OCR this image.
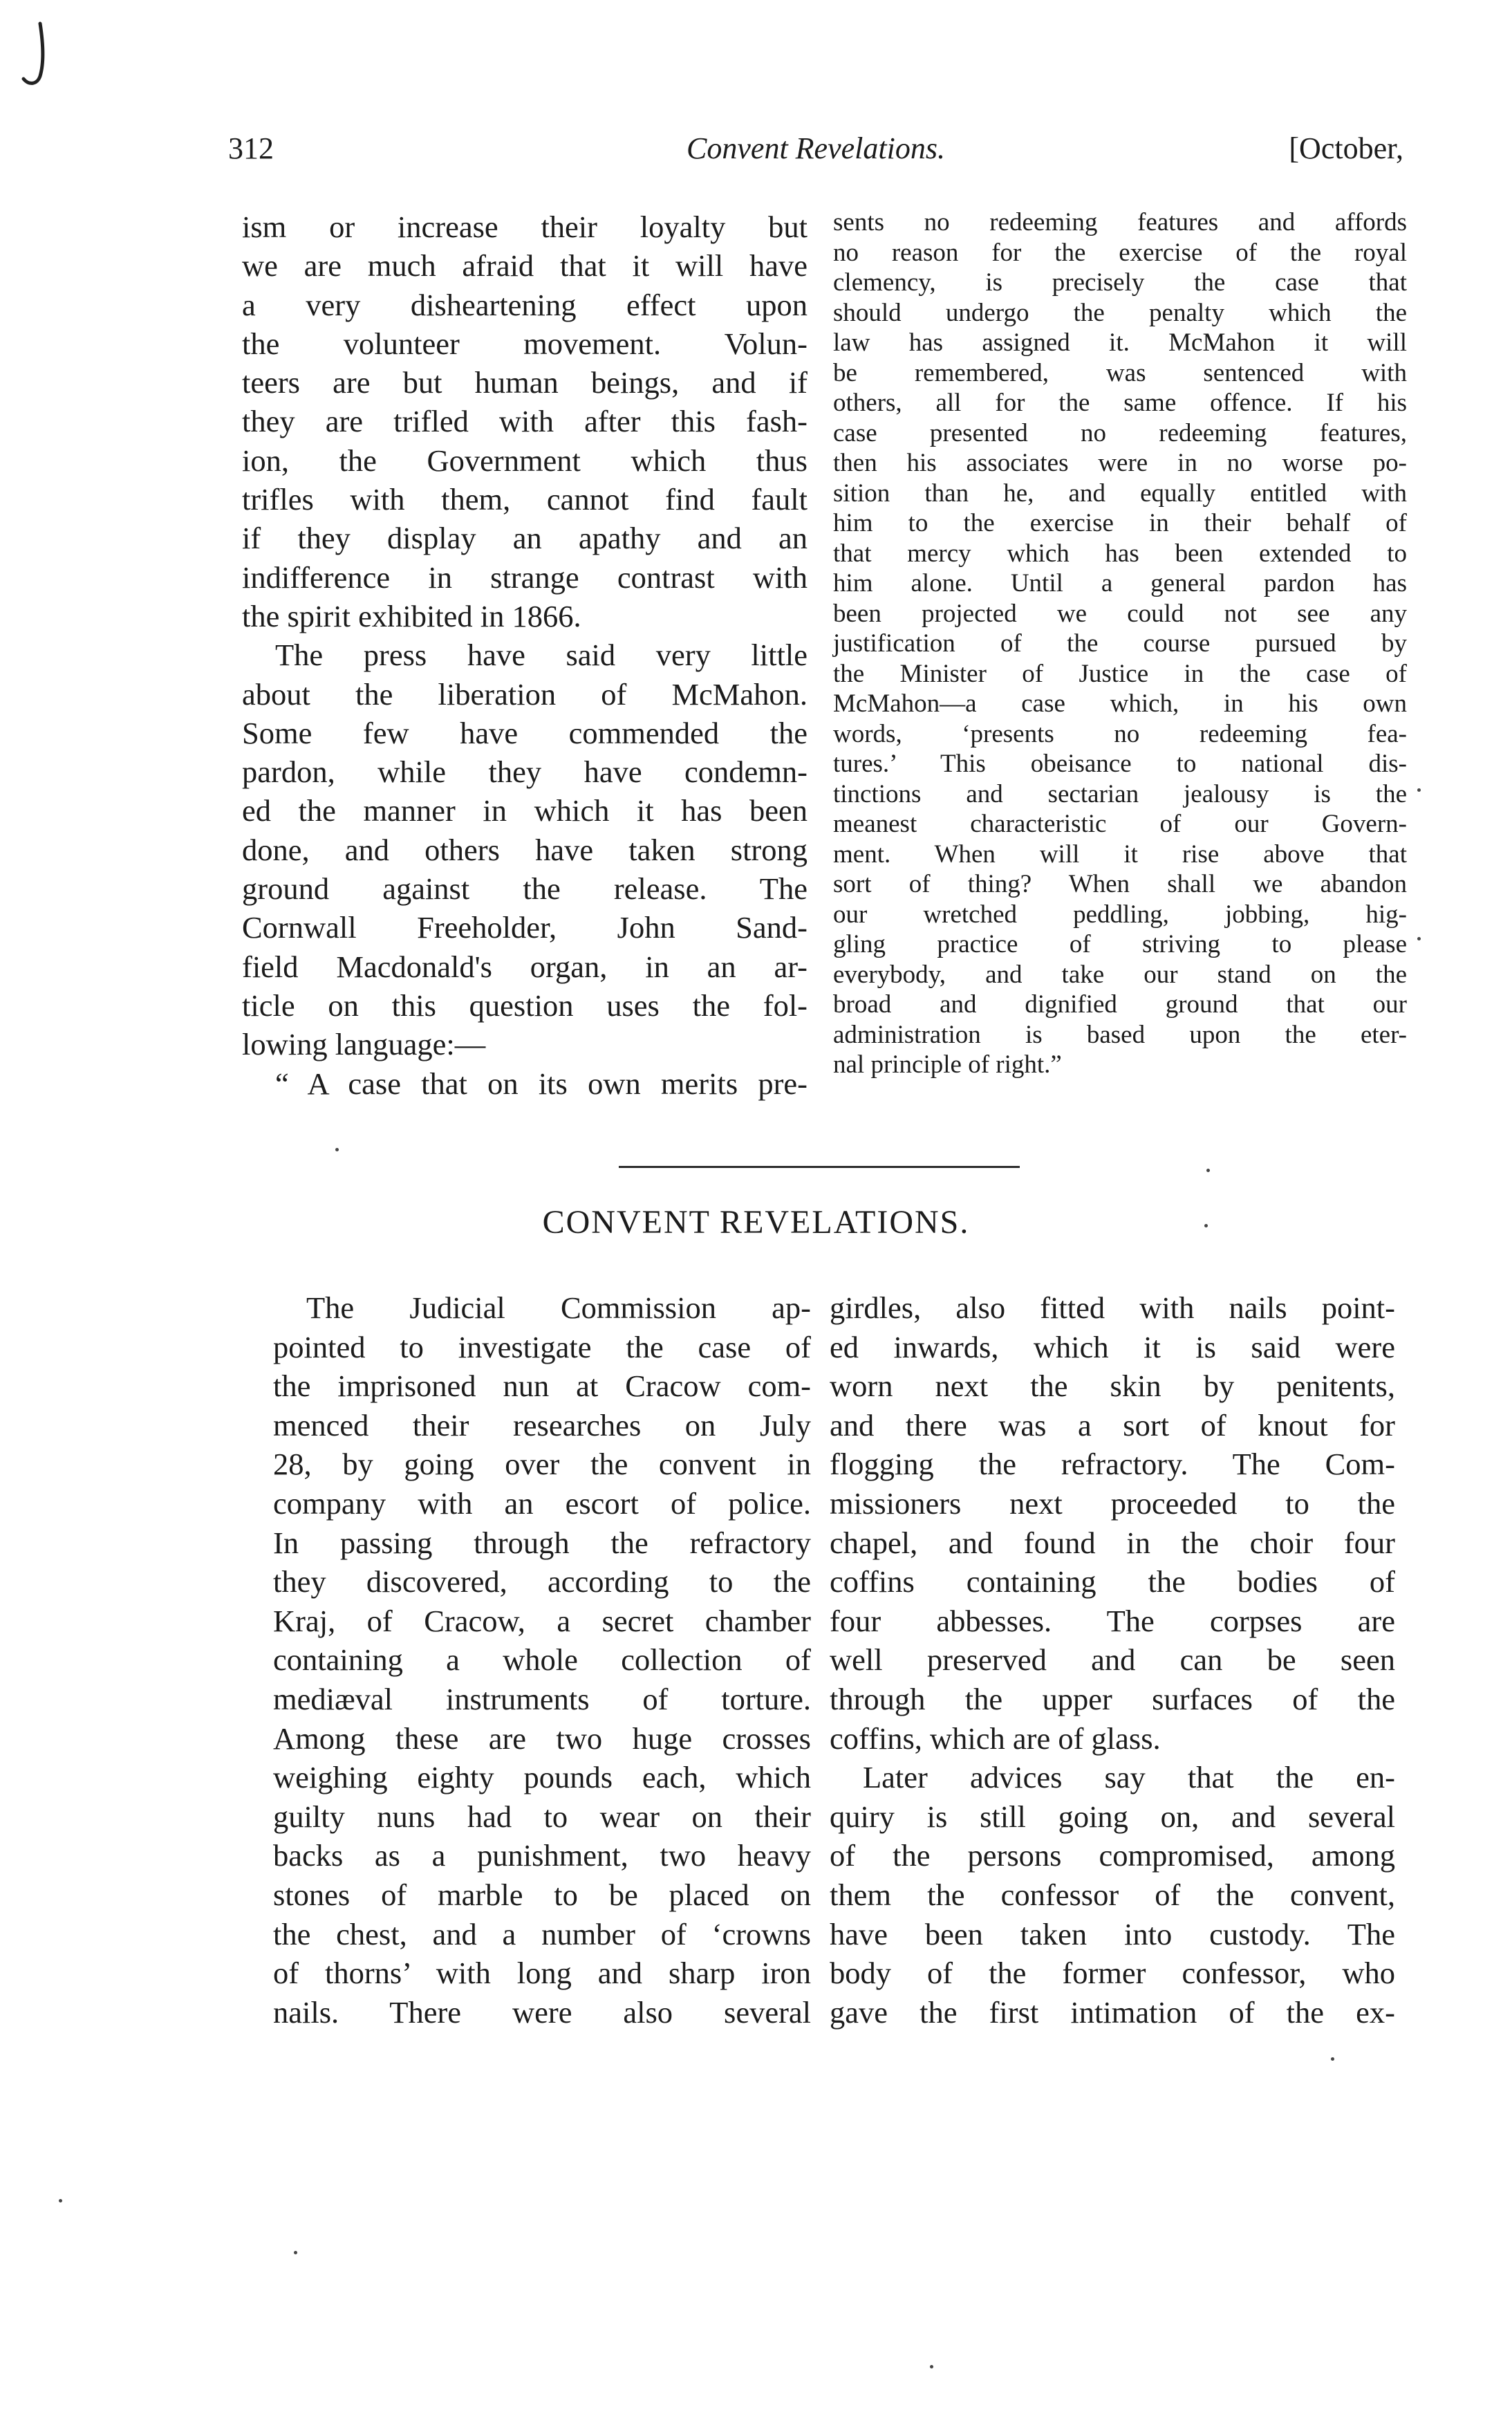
312	Convent Revelations.	[October,
ism or increase their loyalty but
we are much afraid that it will have
a very disheartening effect upon
the volunteer movement. Volun-
teers are but human beings, and if
they are trifled with after this fash-
ion, the Government which thus
trifles with them, cannot find fault
if they display an apathy and an
indifference in strange contrast with
the spirit exhibited in 1866.
The press have said very little
about the liberation of McMahon.
Some few have commended the
pardon, while they have condemn-
ed the manner in which it has been
done, and others have taken strong
ground against the release. The
Cornwall Freeholder, John Sand-
field Macdonald's organ, in an ar-
ticle on this question uses the fol-
lowing language:—
“ A case that on its own merits pre-
sents no redeeming features and affords
no reason for the exercise of the royal
clemency, is precisely the case that
should undergo the penalty which the
law has assigned it. McMahon it will
be remembered, was sentenced with
others, all for the same offence. If his
case presented no redeeming features,
then his associates were in no worse po-
sition than he, and equally entitled with
him to the exercise in their behalf of
that mercy which has been extended to
him alone. Until a general pardon has
been projected we could not see any
justification of the course pursued by
the Minister of Justice in the case of
McMahon—a case which, in his own
words, ‘presents no redeeming fea-
tures.’ This obeisance to national dis-
tinctions and sectarian jealousy is the
meanest characteristic of our Govern-
ment. When will it rise above that
sort of thing? When shall we abandon
our wretched peddling, jobbing, hig-
gling practice of striving to please
everybody, and take our stand on the
broad and dignified ground that our
administration is based upon the eter-
nal principle of right.”
CONVENT REVELATIONS.
The Judicial Commission ap-
pointed to investigate the case of
the imprisoned nun at Cracow com-
menced their researches on July
28, by going over the convent in
company with an escort of police.
In passing through the refractory
they discovered, according to the
Kraj, of Cracow, a secret chamber
containing a whole collection of
mediæval instruments of torture.
Among these are two huge crosses
weighing eighty pounds each, which
guilty nuns had to wear on their
backs as a punishment, two heavy
stones of marble to be placed on
the chest, and a number of ‘crowns
of thorns’ with long and sharp iron
nails. There were also several
girdles, also fitted with nails point-
ed inwards, which it is said were
worn next the skin by penitents,
and there was a sort of knout for
flogging the refractory. The Com-
missioners next proceeded to the
chapel, and found in the choir four
coffins containing the bodies of
four abbesses. The corpses are
well preserved and can be seen
through the upper surfaces of the
coffins, which are of glass.
Later advices say that the en-
quiry is still going on, and several
of the persons compromised, among
them the confessor of the convent,
have been taken into custody. The
body of the former confessor, who
gave the first intimation of the ex-
